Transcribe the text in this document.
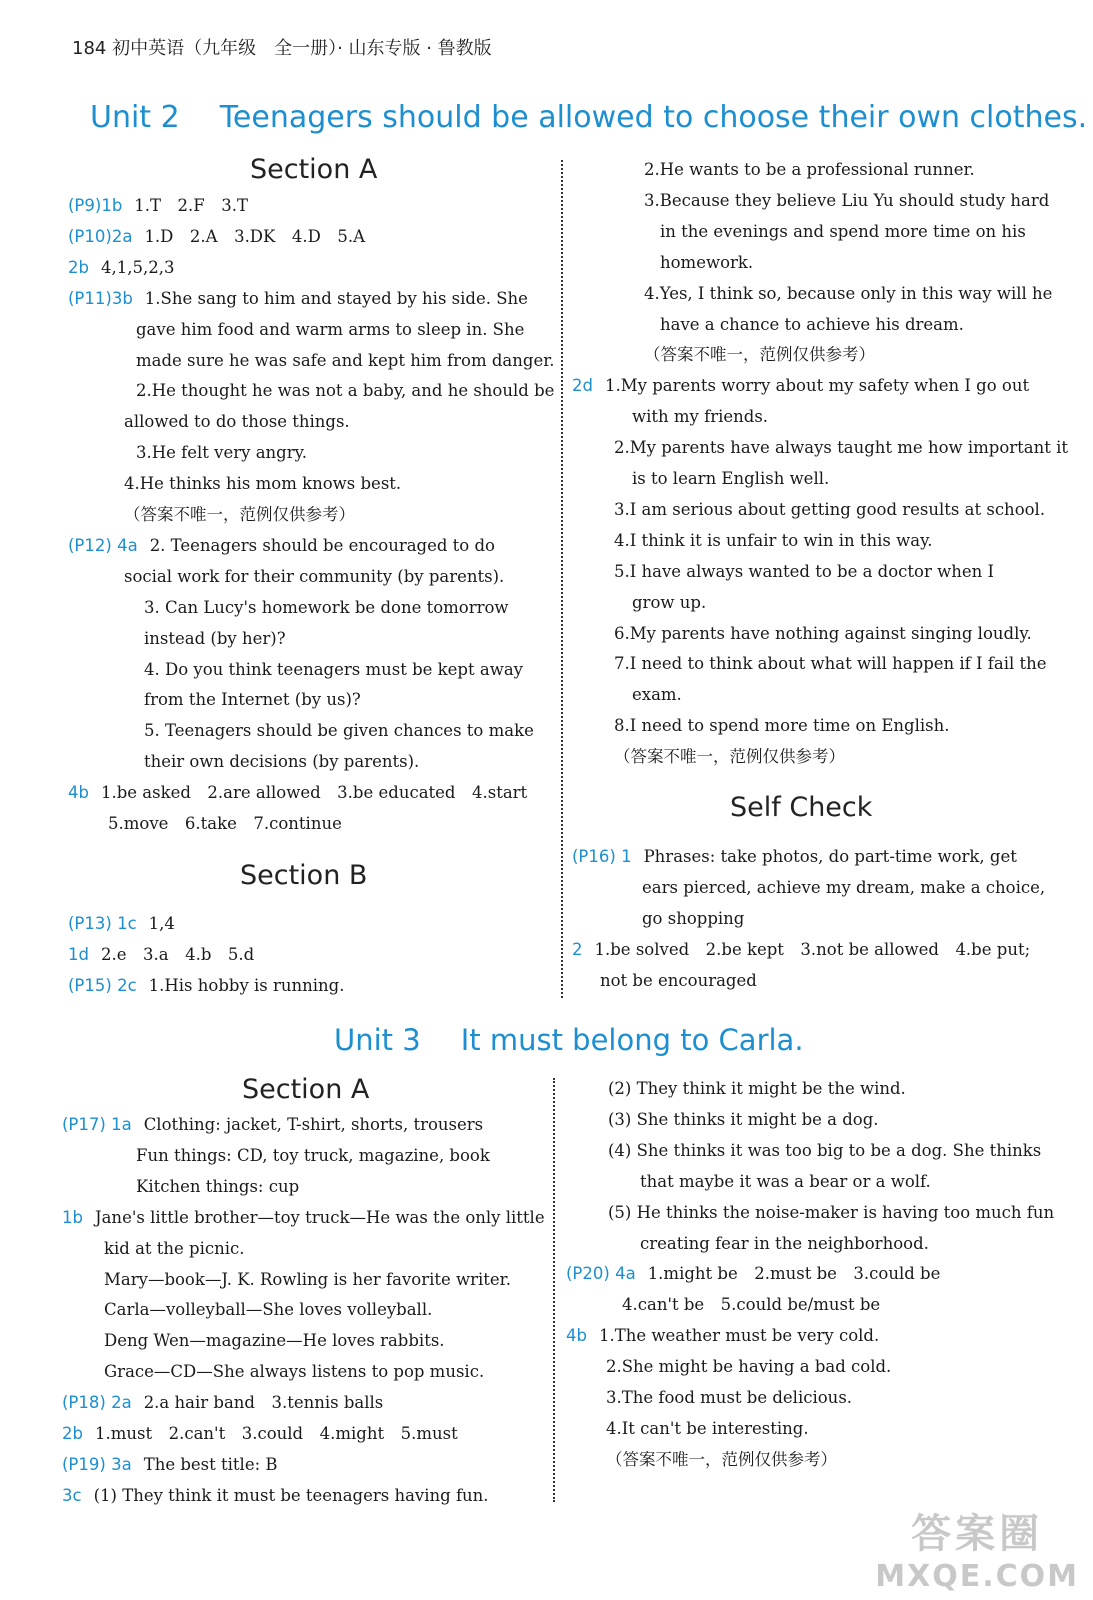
184 初中英语（九年级　全一册）· 山东专版 · 鲁教版
Unit 2 Teenagers should be allowed to choose their own clothes.
Section A
Section B
Self Check
Unit 3 It must belong to Carla.
Section A
(P9)1b 1.T　2.F　3.T
(P10)2a 1.D　2.A　3.DK　4.D　5.A
2b 4,1,5,2,3
(P11)3b 1.She sang to him and stayed by his side. She
gave him food and warm arms to sleep in. She
made sure he was safe and kept him from danger.
2.He thought he was not a baby, and he should be
allowed to do those things.
3.He felt very angry.
4.He thinks his mom knows best.
（答案不唯一，范例仅供参考）
(P12) 4a 2. Teenagers should be encouraged to do
social work for their community (by parents).
3. Can Lucy's homework be done tomorrow
instead (by her)?
4. Do you think teenagers must be kept away
from the Internet (by us)?
5. Teenagers should be given chances to make
their own decisions (by parents).
4b 1.be asked　2.are allowed　3.be educated　4.start
5.move　6.take　7.continue
(P13) 1c 1,4
1d 2.e　3.a　4.b　5.d
(P15) 2c 1.His hobby is running.
2.He wants to be a professional runner.
3.Because they believe Liu Yu should study hard
in the evenings and spend more time on his
homework.
4.Yes, I think so, because only in this way will he
have a chance to achieve his dream.
（答案不唯一，范例仅供参考）
2d 1.My parents worry about my safety when I go out
with my friends.
2.My parents have always taught me how important it
is to learn English well.
3.I am serious about getting good results at school.
4.I think it is unfair to win in this way.
5.I have always wanted to be a doctor when I
grow up.
6.My parents have nothing against singing loudly.
7.I need to think about what will happen if I fail the
exam.
8.I need to spend more time on English.
（答案不唯一，范例仅供参考）
(P16) 1 Phrases: take photos, do part-time work, get
ears pierced, achieve my dream, make a choice,
go shopping
2 1.be solved　2.be kept　3.not be allowed　4.be put;
not be encouraged
(P17) 1a Clothing: jacket, T-shirt, shorts, trousers
Fun things: CD, toy truck, magazine, book
Kitchen things: cup
1b Jane's little brother—toy truck—He was the only little
kid at the picnic.
Mary—book—J. K. Rowling is her favorite writer.
Carla—volleyball—She loves volleyball.
Deng Wen—magazine—He loves rabbits.
Grace—CD—She always listens to pop music.
(P18) 2a 2.a hair band　3.tennis balls
2b 1.must　2.can't　3.could　4.might　5.must
(P19) 3a The best title: B
3c (1) They think it must be teenagers having fun.
(2) They think it might be the wind.
(3) She thinks it might be a dog.
(4) She thinks it was too big to be a dog. She thinks
that maybe it was a bear or a wolf.
(5) He thinks the noise-maker is having too much fun
creating fear in the neighborhood.
(P20) 4a 1.might be　2.must be　3.could be
4.can't be　5.could be/must be
4b 1.The weather must be very cold.
2.She might be having a bad cold.
3.The food must be delicious.
4.It can't be interesting.
（答案不唯一，范例仅供参考）
答案圈
MXQE.COM
